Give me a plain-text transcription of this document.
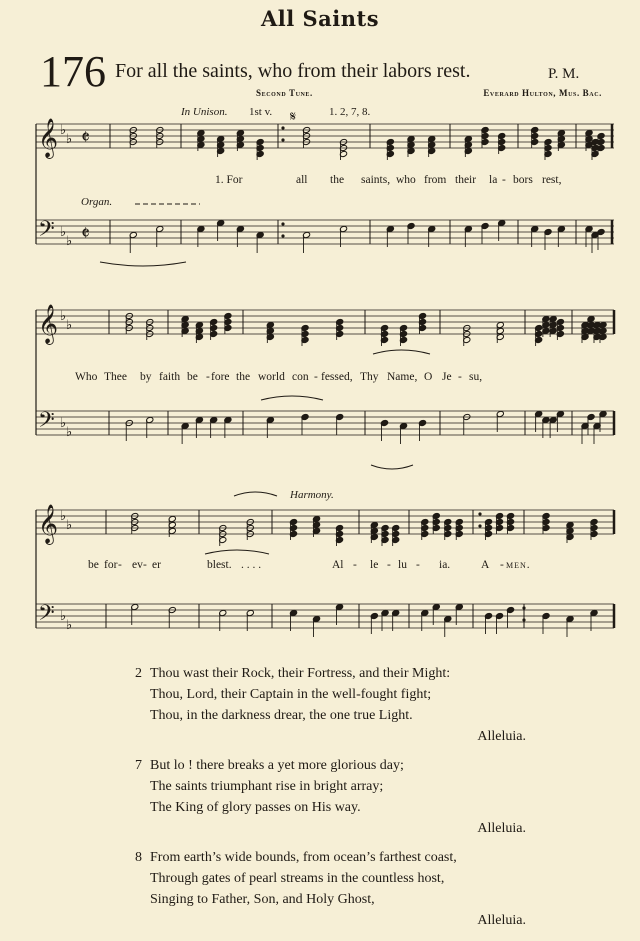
All Saints
176 For all the saints, who from their labors rest.	P. M.
Second Tune.	Everard Hulton, Mus. Bac.
In Unison. 1st v.	1. 2, 7, 8.
Organ.
Harmony.
𝄞
𝄢
♭
♭
♭
♭
𝄵
𝄵
𝄞
𝄢
♭
♭
♭
♭
𝄞
𝄢
♭
♭
♭
♭
𝄋
1. For	all the saints, who from their la - bors rest,
Who Thee by faith be - fore the world con - fessed, Thy Name, O Je - su,
be for - ev - er	blest. . . . .	Al - le - lu - ia.	A - men.
2 Thou wast their Rock, their Fortress, and their Might:
Thou, Lord, their Captain in the well-fought fight;
Thou, in the darkness drear, the one true Light.
Alleluia.
7 But lo ! there breaks a yet more glorious day;
The saints triumphant rise in bright array;
The King of glory passes on His way.
Alleluia.
8 From earth’s wide bounds, from ocean’s farthest coast,
Through gates of pearl streams in the countless host,
Singing to Father, Son, and Holy Ghost,
Alleluia.
